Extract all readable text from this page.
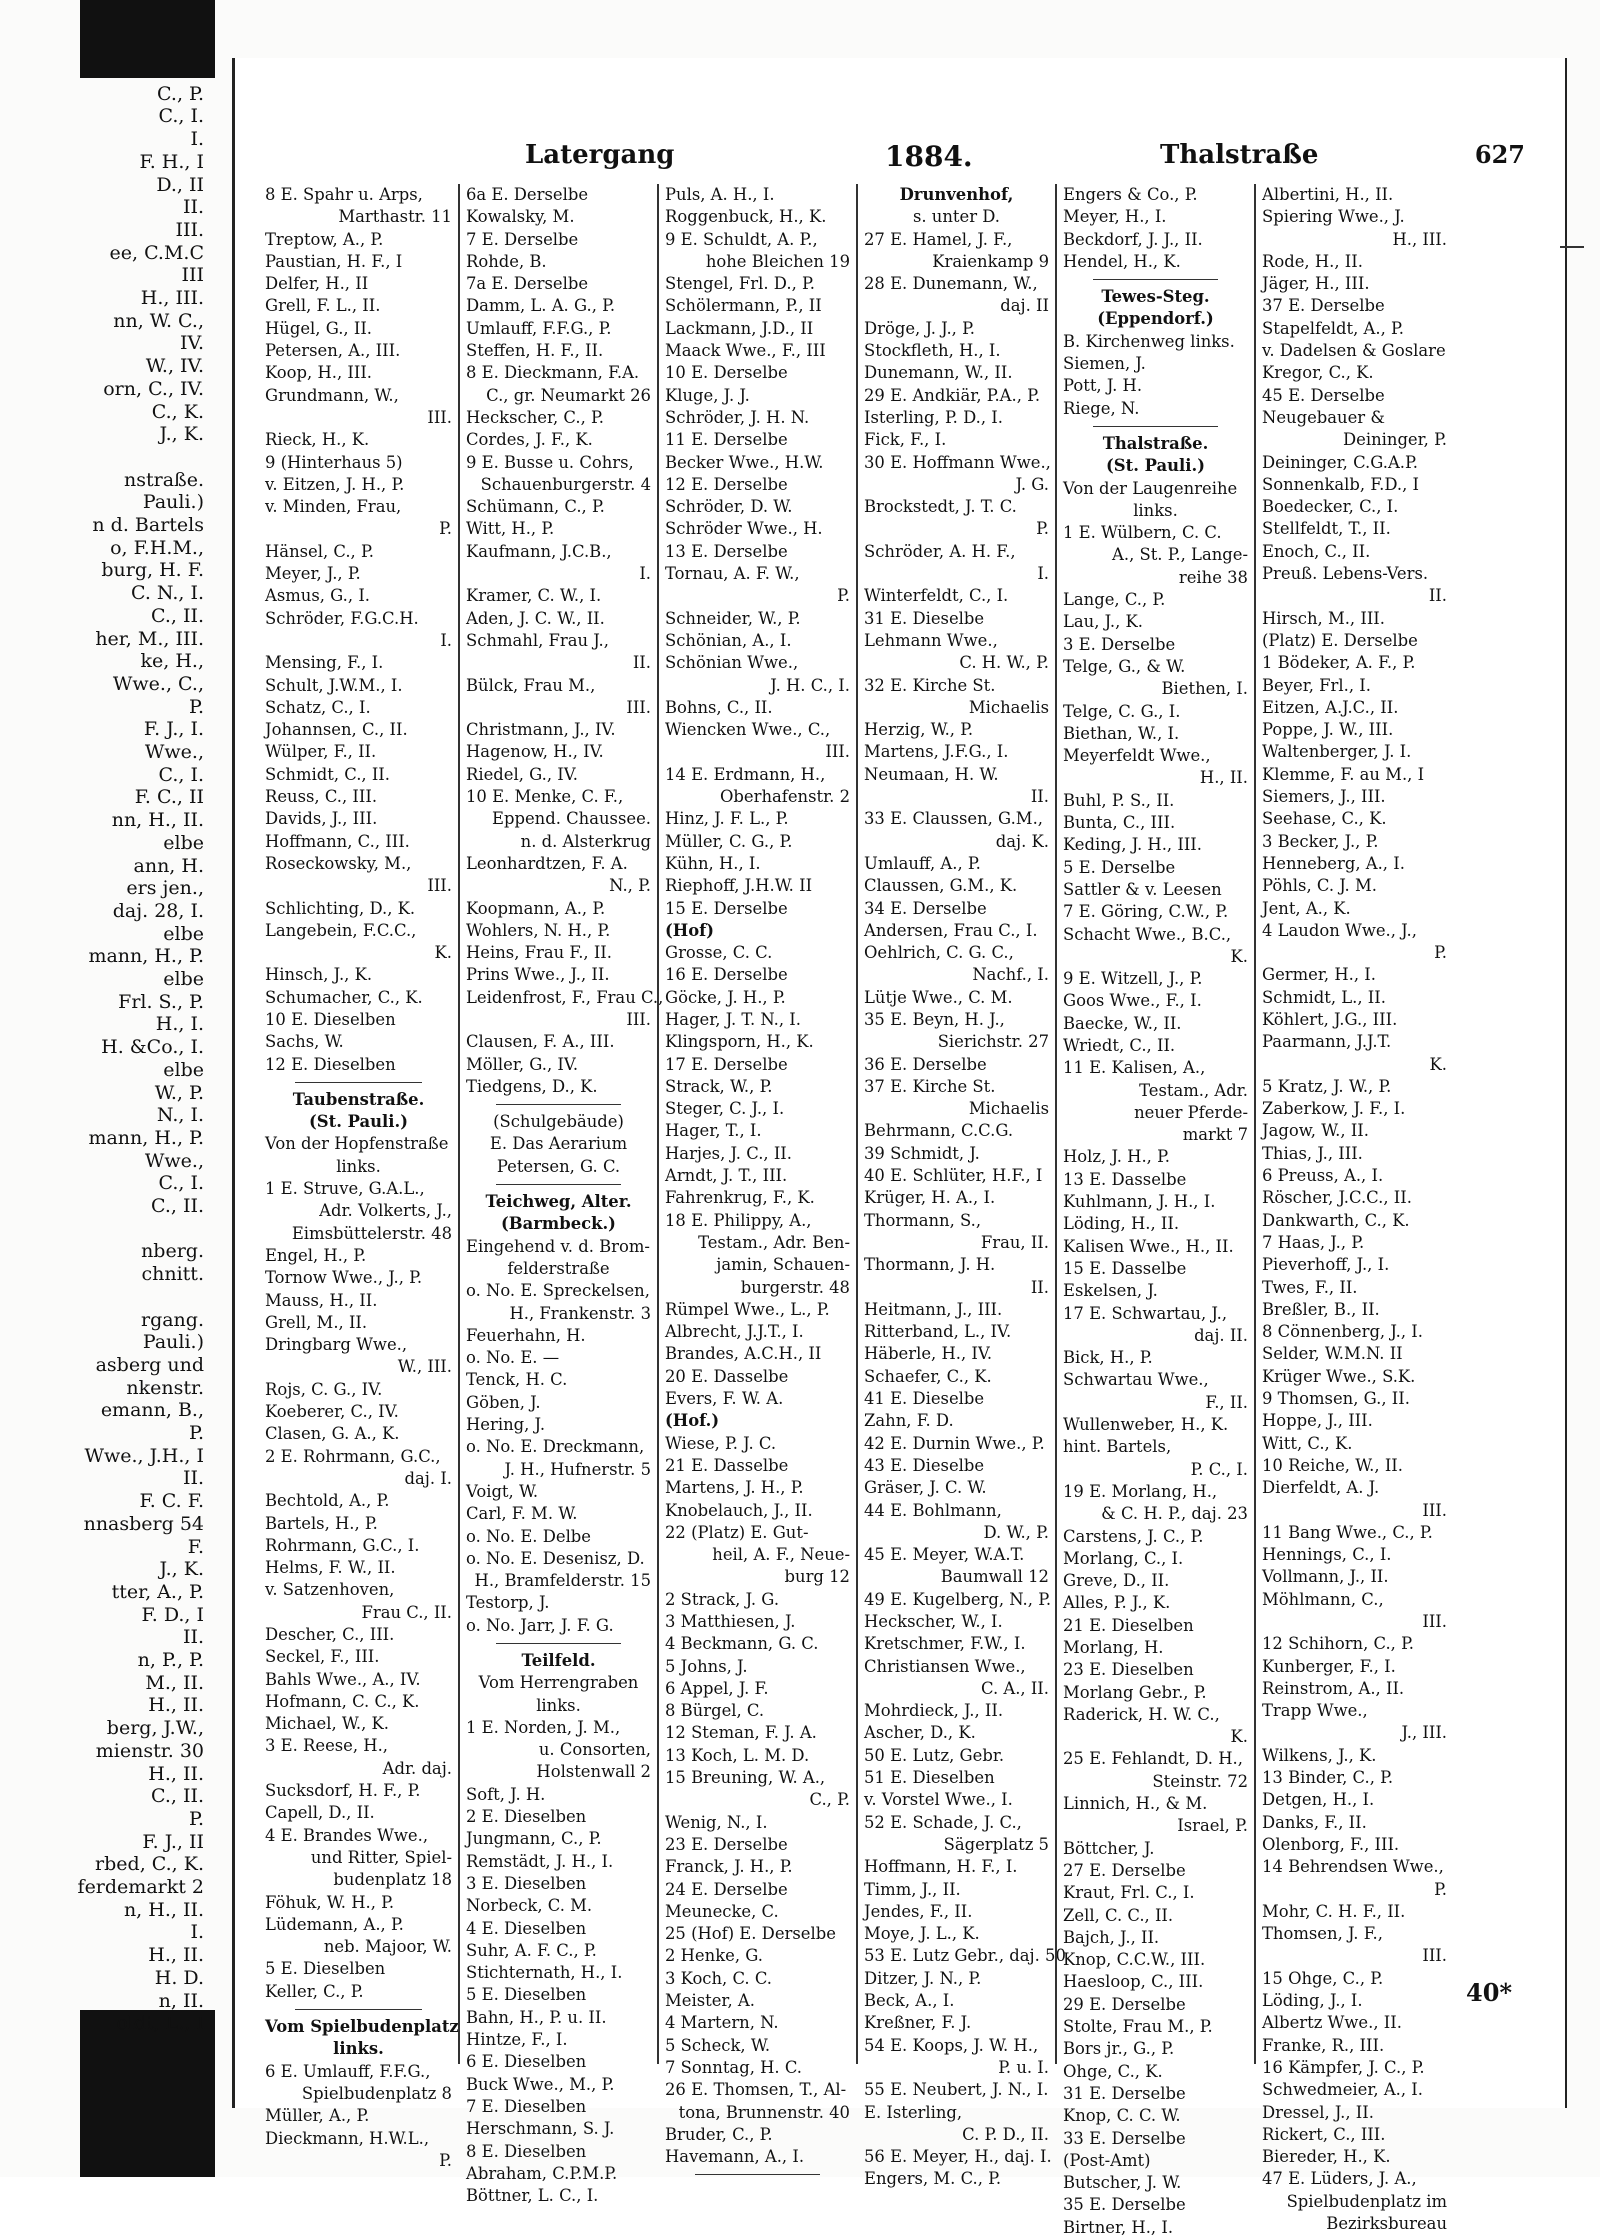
C., P.
C., I.
I.
F. H., I
D., II
II.
III.
ee, C.M.C
III
H., III.
nn, W. C.,
IV.
W., IV.
orn, C., IV.
C., K.
J., K.
nstraße.
Pauli.)
n d. Bartels
o, F.H.M.,
burg, H. F.
C. N., I.
C., II.
her, M., III.
ke, H.,
Wwe., C.,
P.
F. J., I.
Wwe.,
C., I.
F. C., II
nn, H., II.
elbe
ann, H.
ers jen.,
daj. 28, I.
elbe
mann, H., P.
elbe
Frl. S., P.
H., I.
H. &Co., I.
elbe
W., P.
N., I.
mann, H., P.
Wwe.,
C., I.
C., II.
nberg.
chnitt.
rgang.
Pauli.)
asberg und
nkenstr.
emann, B.,
P.
Wwe., J.H., I
II.
F. C. F.
nnasberg 54
F.
J., K.
tter, A., P.
F. D., I
II.
n, P., P.
M., II.
H., II.
berg, J.W.,
mienstr. 30
H., II.
C., II.
P.
F. J., II
rbed, C., K.
ferdemarkt 2
n, H., II.
I.
H., II.
H. D.
n, II.
oldt, L., I
Latergang	1884.	Thalstraße	627
8 E. Spahr u. Arps,
Marthastr. 11
Treptow, A., P.
Paustian, H. F., I
Delfer, H., II
Grell, F. L., II.
Hügel, G., II.
Petersen, A., III.
Koop, H., III.
Grundmann, W.,
III.
Rieck, H., K.
9 (Hinterhaus 5)
v. Eitzen, J. H., P.
v. Minden, Frau,
P.
Hänsel, C., P.
Meyer, J., P.
Asmus, G., I.
Schröder, F.G.C.H.
I.
Mensing, F., I.
Schult, J.W.M., I.
Schatz, C., I.
Johannsen, C., II.
Wülper, F., II.
Schmidt, C., II.
Reuss, C., III.
Davids, J., III.
Hoffmann, C., III.
Roseckowsky, M.,
III.
Schlichting, D., K.
Langebein, F.C.C.,
K.
Hinsch, J., K.
Schumacher, C., K.
10 E. Dieselben
Sachs, W.
12 E. Dieselben
Taubenstraße.
(St. Pauli.)
Von der Hopfenstraße
links.
1 E. Struve, G.A.L.,
Adr. Volkerts, J.,
Eimsbüttelerstr. 48
Engel, H., P.
Tornow Wwe., J., P.
Mauss, H., II.
Grell, M., II.
Dringbarg Wwe.,
W., III.
Rojs, C. G., IV.
Koeberer, C., IV.
Clasen, G. A., K.
2 E. Rohrmann, G.C.,
daj. I.
Bechtold, A., P.
Bartels, H., P.
Rohrmann, G.C., I.
Helms, F. W., II.
v. Satzenhoven,
Frau C., II.
Descher, C., III.
Seckel, F., III.
Bahls Wwe., A., IV.
Hofmann, C. C., K.
Michael, W., K.
3 E. Reese, H.,
Adr. daj.
Sucksdorf, H. F., P.
Capell, D., II.
4 E. Brandes Wwe.,
und Ritter, Spiel-
budenplatz 18
Föhuk, W. H., P.
Lüdemann, A., P.
neb. Majoor, W.
5 E. Dieselben
Keller, C., P.
Vom Spielbudenplatz
links.
6 E. Umlauff, F.F.G.,
Spielbudenplatz 8
Müller, A., P.
Dieckmann, H.W.L.,
P.
6a E. Derselbe
Kowalsky, M.
7 E. Derselbe
Rohde, B.
7a E. Derselbe
Damm, L. A. G., P.
Umlauff, F.F.G., P.
Steffen, H. F., II.
8 E. Dieckmann, F.A.
C., gr. Neumarkt 26
Heckscher, C., P.
Cordes, J. F., K.
9 E. Busse u. Cohrs,
Schauenburgerstr. 4
Schümann, C., P.
Witt, H., P.
Kaufmann, J.C.B.,
I.
Kramer, C. W., I.
Aden, J. C. W., II.
Schmahl, Frau J.,
II.
Bülck, Frau M.,
III.
Christmann, J., IV.
Hagenow, H., IV.
Riedel, G., IV.
10 E. Menke, C. F.,
Eppend. Chaussee.
n. d. Alsterkrug
Leonhardtzen, F. A.
N., P.
Koopmann, A., P.
Wohlers, N. H., P.
Heins, Frau F., II.
Prins Wwe., J., II.
Leidenfrost, F., Frau C.,
III.
Clausen, F. A., III.
Möller, G., IV.
Tiedgens, D., K.
(Schulgebäude)
E. Das Aerarium
Petersen, G. C.
Teichweg, Alter.
(Barmbeck.)
Eingehend v. d. Brom-
felderstraße
o. No. E. Spreckelsen,
H., Frankenstr. 3
Feuerhahn, H.
o. No. E. —
Tenck, H. C.
Göben, J.
Hering, J.
o. No. E. Dreckmann,
J. H., Hufnerstr. 5
Voigt, W.
Carl, F. M. W.
o. No. E. Delbe
o. No. E. Desenisz, D.
H., Bramfelderstr. 15
Testorp, J.
o. No. Jarr, J. F. G.
Teilfeld.
Vom Herrengraben
links.
1 E. Norden, J. M.,
u. Consorten,
Holstenwall 2
Soft, J. H.
2 E. Dieselben
Jungmann, C., P.
Remstädt, J. H., I.
3 E. Dieselben
Norbeck, C. M.
4 E. Dieselben
Suhr, A. F. C., P.
Stichternath, H., I.
5 E. Dieselben
Bahn, H., P. u. II.
Hintze, F., I.
6 E. Dieselben
Buck Wwe., M., P.
7 E. Dieselben
Herschmann, S. J.
8 E. Dieselben
Abraham, C.P.M.P.
Böttner, L. C., I.
Puls, A. H., I.
Roggenbuck, H., K.
9 E. Schuldt, A. P.,
hohe Bleichen 19
Stengel, Frl. D., P.
Schölermann, P., II
Lackmann, J.D., II
Maack Wwe., F., III
10 E. Derselbe
Kluge, J. J.
Schröder, J. H. N.
11 E. Derselbe
Becker Wwe., H.W.
12 E. Derselbe
Schröder, D. W.
Schröder Wwe., H.
13 E. Derselbe
Tornau, A. F. W.,
P.
Schneider, W., P.
Schönian, A., I.
Schönian Wwe.,
J. H. C., I.
Bohns, C., II.
Wiencken Wwe., C.,
III.
14 E. Erdmann, H.,
Oberhafenstr. 2
Hinz, J. F. L., P.
Müller, C. G., P.
Kühn, H., I.
Riephoff, J.H.W. II
15 E. Derselbe
(Hof)
Grosse, C. C.
16 E. Derselbe
Göcke, J. H., P.
Hager, J. T. N., I.
Klingsporn, H., K.
17 E. Derselbe
Strack, W., P.
Steger, C. J., I.
Hager, T., I.
Harjes, J. C., II.
Arndt, J. T., III.
Fahrenkrug, F., K.
18 E. Philippy, A.,
Testam., Adr. Ben-
jamin, Schauen-
burgerstr. 48
Rümpel Wwe., L., P.
Albrecht, J.J.T., I.
Brandes, A.C.H., II
20 E. Dasselbe
Evers, F. W. A.
(Hof.)
Wiese, P. J. C.
21 E. Dasselbe
Martens, J. H., P.
Knobelauch, J., II.
22 (Platz) E. Gut-
heil, A. F., Neue-
burg 12
2 Strack, J. G.
3 Matthiesen, J.
4 Beckmann, G. C.
5 Johns, J.
6 Appel, J. F.
8 Bürgel, C.
12 Steman, F. J. A.
13 Koch, L. M. D.
15 Breuning, W. A.,
C., P.
Wenig, N., I.
23 E. Derselbe
Franck, J. H., P.
24 E. Derselbe
Meunecke, C.
25 (Hof) E. Derselbe
2 Henke, G.
3 Koch, C. C.
Meister, A.
4 Martern, N.
5 Scheck, W.
7 Sonntag, H. C.
26 E. Thomsen, T., Al-
tona, Brunnenstr. 40
Bruder, C., P.
Havemann, A., I.
Drunvenhof,
s. unter D.
27 E. Hamel, J. F.,
Kraienkamp 9
28 E. Dunemann, W.,
daj. II
Dröge, J. J., P.
Stockfleth, H., I.
Dunemann, W., II.
29 E. Andkiär, P.A., P.
Isterling, P. D., I.
Fick, F., I.
30 E. Hoffmann Wwe.,
J. G.
Brockstedt, J. T. C.
P.
Schröder, A. H. F.,
I.
Winterfeldt, C., I.
31 E. Dieselbe
Lehmann Wwe.,
C. H. W., P.
32 E. Kirche St.
Michaelis
Herzig, W., P.
Martens, J.F.G., I.
Neumaan, H. W.
II.
33 E. Claussen, G.M.,
daj. K.
Umlauff, A., P.
Claussen, G.M., K.
34 E. Derselbe
Andersen, Frau C., I.
Oehlrich, C. G. C.,
Nachf., I.
Lütje Wwe., C. M.
35 E. Beyn, H. J.,
Sierichstr. 27
36 E. Derselbe
37 E. Kirche St.
Michaelis
Behrmann, C.C.G.
39 Schmidt, J.
40 E. Schlüter, H.F., I
Krüger, H. A., I.
Thormann, S.,
Frau, II.
Thormann, J. H.
II.
Heitmann, J., III.
Ritterband, L., IV.
Häberle, H., IV.
Schaefer, C., K.
41 E. Dieselbe
Zahn, F. D.
42 E. Durnin Wwe., P.
43 E. Dieselbe
Gräser, J. C. W.
44 E. Bohlmann,
D. W., P.
45 E. Meyer, W.A.T.
Baumwall 12
49 E. Kugelberg, N., P.
Heckscher, W., I.
Kretschmer, F.W., I.
Christiansen Wwe.,
C. A., II.
Mohrdieck, J., II.
Ascher, D., K.
50 E. Lutz, Gebr.
51 E. Dieselben
v. Vorstel Wwe., I.
52 E. Schade, J. C.,
Sägerplatz 5
Hoffmann, H. F., I.
Timm, J., II.
Jendes, F., II.
Moye, J. L., K.
53 E. Lutz Gebr., daj. 50
Ditzer, J. N., P.
Beck, A., I.
Kreßner, F. J.
54 E. Koops, J. W. H.,
P. u. I.
55 E. Neubert, J. N., I.
E. Isterling,
C. P. D., II.
56 E. Meyer, H., daj. I.
Engers, M. C., P.
Engers & Co., P.
Meyer, H., I.
Beckdorf, J. J., II.
Hendel, H., K.
Tewes-Steg.
(Eppendorf.)
B. Kirchenweg links.
Siemen, J.
Pott, J. H.
Riege, N.
Thalstraße.
(St. Pauli.)
Von der Laugenreihe
links.
1 E. Wülbern, C. C.
A., St. P., Lange-
reihe 38
Lange, C., P.
Lau, J., K.
3 E. Derselbe
Telge, G., & W.
Biethen, I.
Telge, C. G., I.
Biethan, W., I.
Meyerfeldt Wwe.,
H., II.
Buhl, P. S., II.
Bunta, C., III.
Keding, J. H., III.
5 E. Derselbe
Sattler & v. Leesen
7 E. Göring, C.W., P.
Schacht Wwe., B.C.,
K.
9 E. Witzell, J., P.
Goos Wwe., F., I.
Baecke, W., II.
Wriedt, C., II.
11 E. Kalisen, A.,
Testam., Adr.
neuer Pferde-
markt 7
Holz, J. H., P.
13 E. Dasselbe
Kuhlmann, J. H., I.
Löding, H., II.
Kalisen Wwe., H., II.
15 E. Dasselbe
Eskelsen, J.
17 E. Schwartau, J.,
daj. II.
Bick, H., P.
Schwartau Wwe.,
F., II.
Wullenweber, H., K.
hint. Bartels,
P. C., I.
19 E. Morlang, H.,
& C. H. P., daj. 23
Carstens, J. C., P.
Morlang, C., I.
Greve, D., II.
Alles, P. J., K.
21 E. Dieselben
Morlang, H.
23 E. Dieselben
Morlang Gebr., P.
Raderick, H. W. C.,
K.
25 E. Fehlandt, D. H.,
Steinstr. 72
Linnich, H., & M.
Israel, P.
Böttcher, J.
27 E. Derselbe
Kraut, Frl. C., I.
Zell, C. C., II.
Bajch, J., II.
Knop, C.C.W., III.
Haesloop, C., III.
29 E. Derselbe
Stolte, Frau M., P.
Bors jr., G., P.
Ohge, C., K.
31 E. Derselbe
Knop, C. C. W.
33 E. Derselbe
(Post-Amt)
Butscher, J. W.
35 E. Derselbe
Birtner, H., I.
Albertini, H., II.
Spiering Wwe., J.
H., III.
Rode, H., II.
Jäger, H., III.
37 E. Derselbe
Stapelfeldt, A., P.
v. Dadelsen & Goslare
Kregor, C., K.
45 E. Derselbe
Neugebauer &
Deininger, P.
Deininger, C.G.A.P.
Sonnenkalb, F.D., I
Boedecker, C., I.
Stellfeldt, T., II.
Enoch, C., II.
Preuß. Lebens-Vers.
II.
Hirsch, M., III.
(Platz) E. Derselbe
1 Bödeker, A. F., P.
Beyer, Frl., I.
Eitzen, A.J.C., II.
Poppe, J. W., III.
Waltenberger, J. I.
Klemme, F. au M., I
Siemers, J., III.
Seehase, C., K.
3 Becker, J., P.
Henneberg, A., I.
Pöhls, C. J. M.
Jent, A., K.
4 Laudon Wwe., J.,
P.
Germer, H., I.
Schmidt, L., II.
Köhlert, J.G., III.
Paarmann, J.J.T.
K.
5 Kratz, J. W., P.
Zaberkow, J. F., I.
Jagow, W., II.
Thias, J., III.
6 Preuss, A., I.
Röscher, J.C.C., II.
Dankwarth, C., K.
7 Haas, J., P.
Pieverhoff, J., I.
Twes, F., II.
Breßler, B., II.
8 Cönnenberg, J., I.
Selder, W.M.N. II
Krüger Wwe., S.K.
9 Thomsen, G., II.
Hoppe, J., III.
Witt, C., K.
10 Reiche, W., II.
Dierfeldt, A. J.
III.
11 Bang Wwe., C., P.
Hennings, C., I.
Vollmann, J., II.
Möhlmann, C.,
III.
12 Schihorn, C., P.
Kunberger, F., I.
Reinstrom, A., II.
Trapp Wwe.,
J., III.
Wilkens, J., K.
13 Binder, C., P.
Detgen, H., I.
Danks, F., II.
Olenborg, F., III.
14 Behrendsen Wwe.,
P.
Mohr, C. H. F., II.
Thomsen, J. F.,
III.
15 Ohge, C., P.
Löding, J., I.
Albertz Wwe., II.
Franke, R., III.
16 Kämpfer, J. C., P.
Schwedmeier, A., I.
Dressel, J., II.
Rickert, C., III.
Biereder, H., K.
47 E. Lüders, J. A.,
Spielbudenplatz im
Bezirksbureau
40*
